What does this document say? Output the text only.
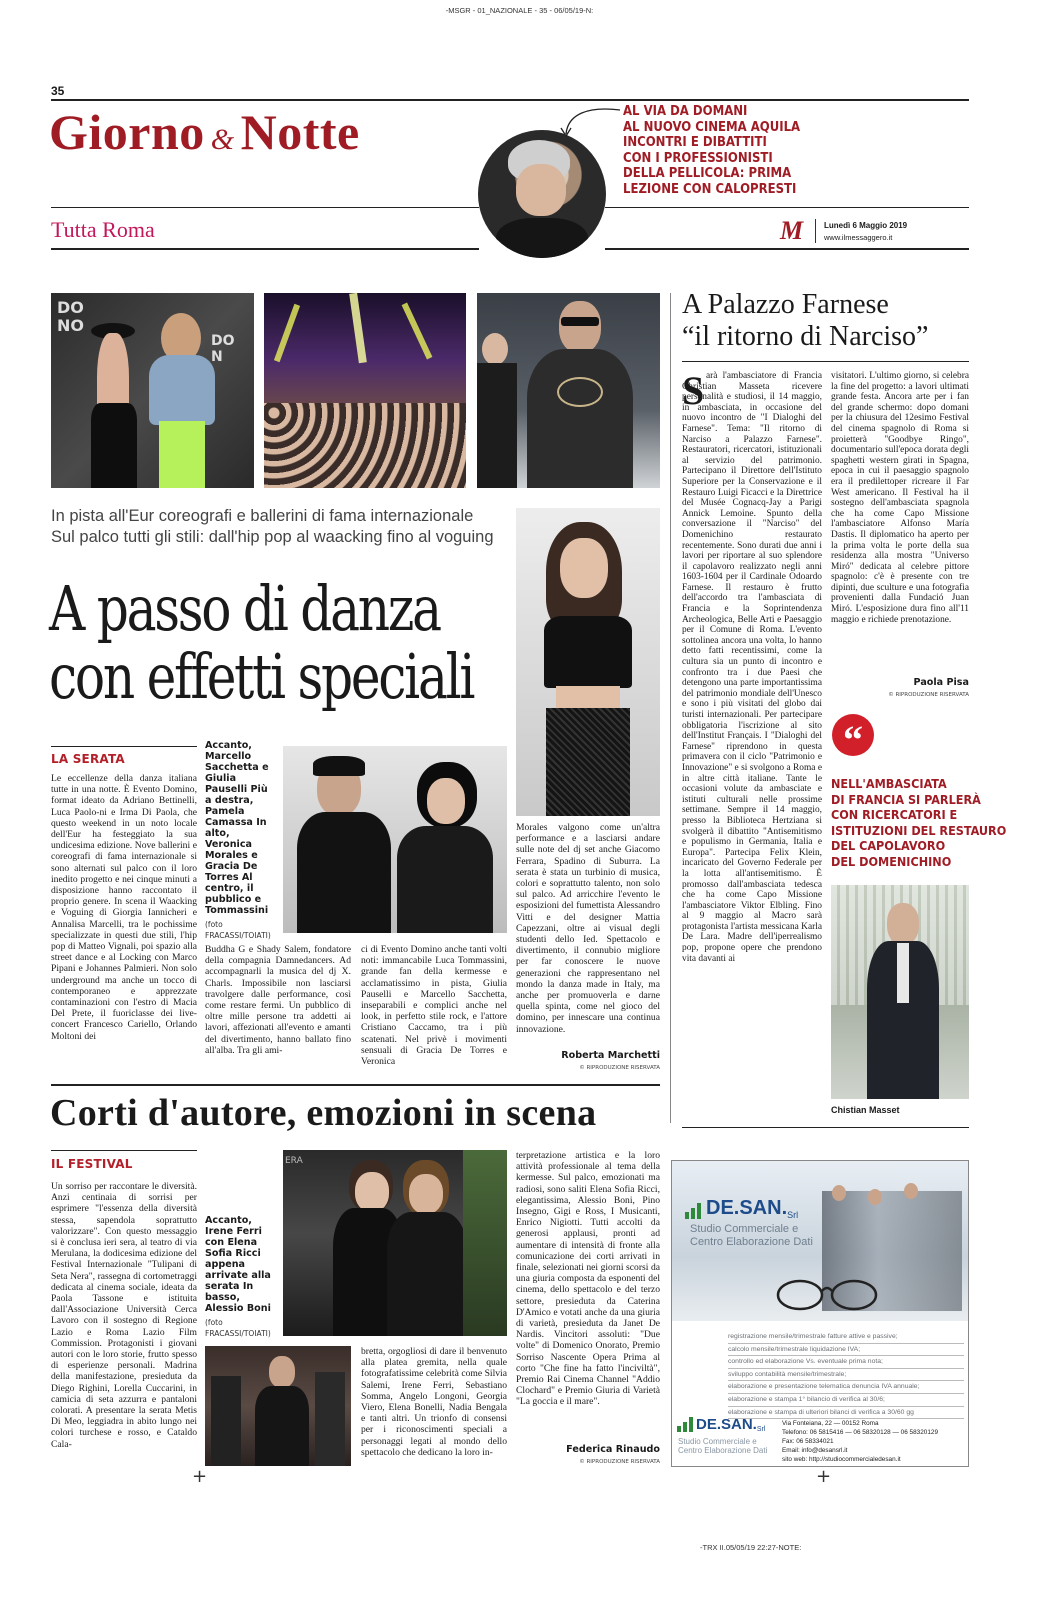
-MSGR - 01_NAZIONALE - 35 - 06/05/19-N:
35
Giorno & Notte	AL VIA DA DOMANI
AL NUOVO CINEMA AQUILA
INCONTRI E DIBATTITI
CON I PROFESSIONISTI
DELLA PELLICOLA: PRIMA
LEZIONE CON CALOPRESTI
Tutta Roma	M	Lunedì 6 Maggio 2019
www.ilmessaggero.it
DO
NO
DO
N
In pista all'Eur coreografi e ballerini di fama internazionale
Sul palco tutti gli stili: dall'hip pop al waacking fino al voguing
A passo di danza
con effetti speciali
LA SERATA
Le eccellenze della danza italiana tutte in una notte. È Evento Domino, format ideato da Adriano Bettinelli, Luca Paolo-ni e Irma Di Paola, che questo weekend in un noto locale dell'Eur ha festeggiato la sua undicesima edizione. Nove ballerini e coreografi di fama internazionale si sono alternati sul palco con il loro inedito progetto e nei cinque minuti a disposizione hanno raccontato il proprio genere. In scena il Waacking e Voguing di Giorgia Iannicheri e Annalisa Marcelli, tra le pochissime specializzate in questi due stili, l'hip pop di Matteo Vignali, poi spazio alla street dance e al Locking con Marco Pipani e Johannes Palmieri. Non solo underground ma anche un tocco di contemporaneo e apprezzate contaminazioni con l'estro di Macia Del Prete, il fuoriclasse dei live-concert Francesco Cariello, Orlando Moltoni dei
Accanto, Marcello Sacchetta e Giulia Pauselli Più a destra, Pamela Camassa In alto, Veronica Morales e Gracia De Torres Al centro, il pubblico e Tommassini
(foto FRACASSI/TOIATI)
Buddha G e Shady Salem, fondatore della compagnia Damnedancers. Ad accompagnarli la musica del dj X. Charls. Impossibile non lasciarsi travolgere dalle performance, così come restare fermi. Un pubblico di oltre mille persone tra addetti ai lavori, affezionati all'evento e amanti del divertimento, hanno ballato fino all'alba. Tra gli ami-
ci di Evento Domino anche tanti volti noti: immancabile Luca Tommassini, grande fan della kermesse e acclamatissimo in pista, Giulia Pauselli e Marcello Sacchetta, inseparabili e complici anche nel look, in perfetto stile rock, e l'attore Cristiano Caccamo, tra i più scatenati. Nel privè i movimenti sensuali di Gracia De Torres e Veronica
Morales valgono come un'altra performance e a lasciarsi andare sulle note del dj set anche Giacomo Ferrara, Spadino di Suburra. La serata è stata un turbinio di musica, colori e soprattutto talento, non solo sul palco. Ad arricchire l'evento le esposizioni del fumettista Alessandro Vitti e del designer Mattia Capezzani, oltre ai visual degli studenti dello Ied. Spettacolo e divertimento, il connubio migliore per far conoscere le nuove generazioni che rappresentano nel mondo la danza made in Italy, ma anche per promuoverla e darne quella spinta, come nel gioco del domino, per innescare una continua innovazione.
Roberta Marchetti
© RIPRODUZIONE RISERVATA
A Palazzo Farnese
“il ritorno di Narciso”
S arà l'ambasciatore di Francia Christian Masseta ricevere personalità e studiosi, il 14 maggio, in ambasciata, in occasione del nuovo incontro de "I Dialoghi del Farnese". Tema: "Il ritorno di Narciso a Palazzo Farnese". Restauratori, ricercatori, istituzionali al servizio del patrimonio. Partecipano il Direttore dell'Istituto Superiore per la Conservazione e il Restauro Luigi Ficacci e la Direttrice del Musée Cognacq-Jay a Parigi Annick Lemoine. Spunto della conversazione il "Narciso" del Domenichino restaurato recentemente. Sono durati due anni i lavori per riportare al suo splendore il capolavoro realizzato negli anni 1603-1604 per il Cardinale Odoardo Farnese. Il restauro è frutto dell'accordo tra l'ambasciata di Francia e la Soprintendenza Archeologica, Belle Arti e Paesaggio per il Comune di Roma. L'evento sottolinea ancora una volta, lo hanno detto fatti recentissimi, come la cultura sia un punto di incontro e confronto tra i due Paesi che detengono una parte importantissima del patrimonio mondiale dell'Unesco e sono i più visitati del globo dai turisti internazionali. Per partecipare obbligatoria l'iscrizione al sito dell'Institut Français. I "Dialoghi del Farnese" riprendono in questa primavera con il ciclo "Patrimonio e Innovazione" e si svolgono a Roma e in altre città italiane. Tante le occasioni volute da ambasciate e istituti culturali nelle prossime settimane. Sempre il 14 maggio, presso la Biblioteca Hertziana si svolgerà il dibattito "Antisemitismo e populismo in Germania, Italia e Europa". Partecipa Felix Klein, incaricato del Governo Federale per la lotta all'antisemitismo. È promosso dall'ambasciata tedesca che ha come Capo Missione l'ambasciatore Viktor Elbling. Fino al 9 maggio al Macro sarà protagonista l'artista messicana Karla De Lara. Madre dell'iperrealismo pop, propone opere che prendono vita davanti ai
visitatori. L'ultimo giorno, si celebra la fine del progetto: a lavori ultimati grande festa. Ancora arte per i fan del grande schermo: dopo domani per la chiusura del 12esimo Festival del cinema spagnolo di Roma si proietterà "Goodbye Ringo", documentario sull'epoca dorata degli spaghetti western girati in Spagna, epoca in cui il paesaggio spagnolo era il predilettoper ricreare il Far West americano. Il Festival ha il sostegno dell'ambasciata spagnola che ha come Capo Missione l'ambasciatore Alfonso María Dastis. Il diplomatico ha aperto per la prima volta le porte della sua residenza alla mostra "Universo Miró" dedicata al celebre pittore spagnolo: c'è è presente con tre dipinti, due sculture e una fotografia provenienti dalla Fundació Juan Miró. L'esposizione dura fino all'11 maggio e richiede prenotazione.
Paola Pisa
© RIPRODUZIONE RISERVATA
“
NELL'AMBASCIATA
DI FRANCIA SI PARLERÀ
CON RICERCATORI E
ISTITUZIONI DEL RESTAURO
DEL CAPOLAVORO
DEL DOMENICHINO
Chistian Masset
Corti d'autore, emozioni in scena
IL FESTIVAL
Un sorriso per raccontare le diversità. Anzi centinaia di sorrisi per esprimere "l'essenza della diversità stessa, sapendola soprattutto valorizzare". Con questo messaggio si è conclusa ieri sera, al teatro di via Merulana, la dodicesima edizione del Festival Internazionale "Tulipani di Seta Nera", rassegna di cortometraggi dedicata al cinema sociale, ideata da Paola Tassone e istituita dall'Associazione Università Cerca Lavoro con il sostegno di Regione Lazio e Roma Lazio Film Commission. Protagonisti i giovani autori con le loro storie, frutto spesso di esperienze personali. Madrina della manifestazione, presieduta da Diego Righini, Lorella Cuccarini, in camicia di seta azzurra e pantaloni colorati. A presentare la serata Metis Di Meo, leggiadra in abito lungo nei colori turchese e rosso, e Cataldo Cala-
Accanto, Irene Ferri con Elena Sofia Ricci appena arrivate alla serata In basso, Alessio Boni
(foto FRACASSI/TOIATI)
ERA
bretta, orgogliosi di dare il benvenuto alla platea gremita, nella quale fotografatissime celebrità come Silvia Salemi, Irene Ferri, Sebastiano Somma, Angelo Longoni, Georgia Viero, Elena Bonelli, Nadia Bengala e tanti altri. Un trionfo di consensi per i riconoscimenti speciali a personaggi legati al mondo dello spettacolo che dedicano la loro in-
terpretazione artistica e la loro attività professionale al tema della kermesse. Sul palco, emozionati ma radiosi, sono saliti Elena Sofia Ricci, elegantissima, Alessio Boni, Pino Insegno, Gigi e Ross, I Musicanti, Enrico Nigiotti. Tutti accolti da generosi applausi, pronti ad aumentare di intensità di fronte alla comunicazione dei corti arrivati in finale, selezionati nei giorni scorsi da una giuria composta da esponenti del cinema, dello spettacolo e del terzo settore, presieduta da Caterina D'Amico e votati anche da una giuria di varietà, presieduta da Janet De Nardis. Vincitori assoluti: "Due volte" di Domenico Onorato, Premio Sorriso Nascente Opera Prima al corto "Che fine ha fatto l'inciviltà", Premio Rai Cinema Channel "Addio Clochard" e Premio Giuria di Varietà "La goccia e il mare".
Federica Rinaudo
© RIPRODUZIONE RISERVATA
DE.SAN. Srl
Studio Commerciale e
Centro Elaborazione Dati
registrazione mensile/trimestrale fatture attive e passive;
calcolo mensile/trimestrale liquidazione IVA;
controllo ed elaborazione Vs. eventuale prima nota;
sviluppo contabilità mensile/trimestrale;
elaborazione e presentazione telematica denuncia IVA annuale;
elaborazione e stampa 1° bilancio di verifica al 30/6;
elaborazione e stampa di ulteriori bilanci di verifica a 30/60 gg
DE.SAN. Srl
Studio Commerciale e
Centro Elaborazione Dati
Via Fonteiana, 22 — 00152 Roma
Telefono: 06 5815416 — 06 58320128 — 06 58320129
Fax: 06 58334021
Email: info@desansrl.it
sito web: http://studiocommercialedesan.it
+	+
-TRX II.05/05/19 22:27-NOTE:
